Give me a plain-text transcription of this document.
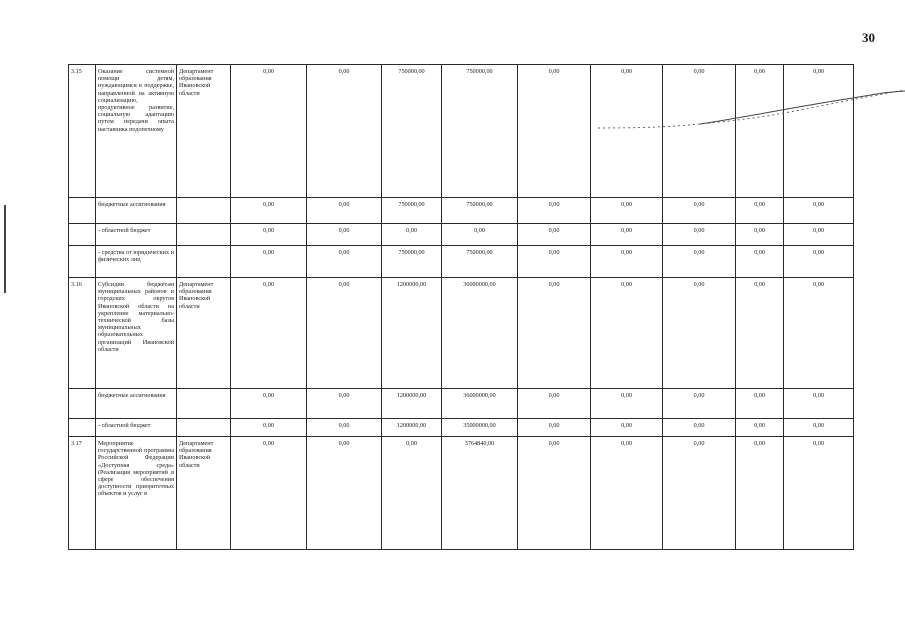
30
3.15	Оказание системной помощи детям, нуждающимся в поддержке, направленной на активную социализацию, продуктивное развитие, социальную адаптацию путем передачи опыта наставника подопечному	Департамент образования Ивановской области	0,00	0,00	750000,00	750000,00	0,00	0,00	0,00	0,00	0,00
	бюджетные ассигнования		0,00	0,00	750000,00	750000,00	0,00	0,00	0,00	0,00	0,00
	- областной бюджет		0,00	0,00	0,00	0,00	0,00	0,00	0,00	0,00	0,00
	- средства от юридических и физических лиц		0,00	0,00	750000,00	750000,00	0,00	0,00	0,00	0,00	0,00
3.16	Субсидии бюджетам муниципальных районов и городских округов Ивановской области на укрепление материально-технической базы муниципальных образовательных организаций Ивановской области	Департамент образования Ивановской области	0,00	0,00	1200000,00	36000000,00	0,00	0,00	0,00	0,00	0,00
	бюджетные ассигнования		0,00	0,00	1200000,00	36000000,00	0,00	0,00	0,00	0,00	0,00
	- областной бюджет		0,00	0,00	1200000,00	35000000,00	0,00	0,00	0,00	0,00	0,00
3.17	Мероприятие государственной программы Российской Федерации «Доступная среда» (Реализация мероприятий в сфере обеспечения доступности приоритетных объектов и услуг в	Департамент образования Ивановской области	0,00	0,00	0,00	3764840,00	0,00	0,00	0,00	0,00	0,00
